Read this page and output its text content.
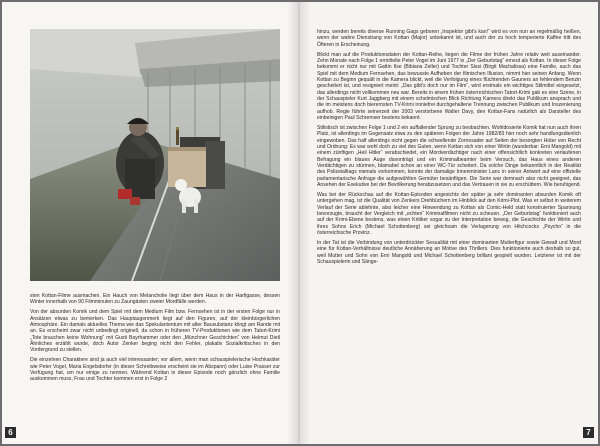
sten Kottan-Filme ausmachen. Ein Hauch von Melancholie liegt über dem Haus in der Hartlgasse, dessen Winter innerhalb von 90 Filmminuten zu Zaungästen zweier Mordfälle werden.

Von der absurden Komik und dem Spiel mit dem Medium Film bzw. Fernsehen ist in der ersten Folge nur in Ansätzen etwas zu bemerken. Das Hauptaugenmerk liegt auf den Figuren, auf der kleinbürgerlichen Atmosphäre. Ein damals aktuelles Thema wie das Spekulantentum mit alter Bausubstanz klingt am Rande mit an. Es erscheint zwar nicht unbedingt originell, da schon in früheren TV-Produktionen wie dem Tatort-Krimi „Tote brauchen keine Wohnung“ mit Gusti Bayrhammer oder den „Münchner Geschichten“ von Helmut Dietl Ähnliches erzählt wurde, doch Autor Zenker beging nicht den Fehler, plakativ Sozialkritisches in den Vordergrund zu stellen.

Die einzelnen Charaktere sind ja auch viel interessanter; vor allem, wenn man schauspielerische Hochkaräter wie Peter Vogel, Maria Engelsdorfer (in dieser Schreibweise erscheint sie im Abspann) oder Luise Prasser zur Verfügung hat, um nur einige zu nennen. Während Kottan in dieser Episode noch gänzlich ohne Familie auskommen muss, Frau und Tochter kommen erst in Folge 2

6

hinzu, werden bereits diverse Running Gags geboren „Inspektor gibt's kan!“ wird es von nun an regelmäßig heißen, wenn der wahre Dienstrang von Kottan (Major) unbekannt ist, und auch der zu hoch temperierte Kaffee tritt des Öfteren in Erscheinung.

Blickt man auf die Produktionsdaten der Kottan-Reihe, liegen die Filme der frühen Jahre relativ weit auseinander. Zehn Monate nach Folge 1 ermittelte Peter Vogel im Juni 1977 in „Der Geburtstag“ erneut als Kottan. In dieser Folge bekommt er nicht nur mit Gattin Ilse (Bibiana Zeller) und Tochter Sissi (Birgit Machalissa) eine Familie, auch das Spiel mit dem Medium Fernsehen, das bewusste Aufheben der filmischen Illusion, nimmt hier seinen Anfang. Wenn Kottan zu Beginn gequält in die Kamera blickt, weil die Verfolgung eines flüchtenden Gauners an fehlendem Benzin gescheitert ist, und resigniert meint: „Das gibt's doch nur im Film“, wird erstmals ein wichtiges Stilmittel eingesetzt, das allerdings nicht vollkommen neu war. Bereits in einem frühen österreichischen Tatort-Krimi gab es eine Szene, in der Schauspieler Kurt Jaggberg mit einem schelmischen Blick Richtung Kamera direkt das Publikum ansprach und die im meistens doch bierernsten TV-Krimi ironiefrei durchgehaltene Trennung zwischen Publikum und Inszenierung aufhob. Regie führte seinerzeit der 2003 verstorbene Walter Davy, den Kottan-Fans natürlich als Darsteller des einbeinigen Paul Schremser bestens bekannt.

Stilistisch ist zwischen Folge 1 und 2 ein auffallender Sprung zu beobachten. Wohldosierte Komik hat nun auch ihren Platz, ist allerdings im Gegensatz etwa zu den späteren Folgen der Jahre 1982/83 hier noch sehr handlungsdienlich eingewoben. Das half allerdings nicht gegen die schwellende Zornesader auf Seiten der besorgten Hüter von Recht und Ordnung: Es war wohl doch zu viel des Guten, wenn Kottan sich von einer Wirtin (wunderbar: Erni Mangold) mit einem zünftigen „Heil Hitler“ verabschiedet, ein Mordverdächtiger nach einer offensichtlich konkreten verlaufenen Befragung ein blaues Auge davonträgt und ein Kriminalbeamter beim Versuch, das Haus eines anderen Verdächtigen zu stürmen, blamabel schon an einer WC-Tür scheitert. Da solche Dinge bekanntlich in der Realität des Polizeialltags niemals vorkommen, konnte der damalige Innenminister Lanc in seiner Antwort auf eine offizielle parlamentarische Anfrage die aufgewühlten Gemüter besänftigen. Die Serie war demnach also nicht geeignet, das Ansehen der Exekutive bei der Bevölkerung herabzusetzen und das Vertrauen in sie zu erschüttern. Wie beruhigend.

Was bei der Rückschau auf die Kottan-Episoden angesichts der später ja sehr dominanten absurden Komik oft untergehen mag, ist die Qualität von Zenkers Drehbüchern im Hinblick auf den Krimi-Plot. Was er selbst in weiterem Verlauf der Serie ablehnte, also leicher eine Hinwendung zu Kottan als Comic-Held statt konstruierter Spannung bevorzugte, braucht der Vergleich mit „echten“ Kriminalfilmen nicht zu scheuen. „Der Geburtstag“ funktioniert auch auf der Krimi-Ebene bestens, was einen Kritiker sogar zu der Interpretation bewog, die Geschichte der Wirtin und ihres Sohns Erich (Michael Schottenberg) sei gleichsam die Verlagerung von Hitchcocks „Psycho“ in die österreichische Provinz.

In der Tat ist die Verbindung von unterdrückter Sexualität mit einer dominanten Mutterfigur sowie Gewalt und Mord eine für Kottan-Verhältnisse deutliche Annäherung an Motive des Thrillers. Dies funktionierte auch deshalb so gut, weil Mutter und Sohn von Erni Mangold und Michael Schottenberg brillant gespielt wurden. Letzterer ist mit der Schauspielerin und Sänge-

7
